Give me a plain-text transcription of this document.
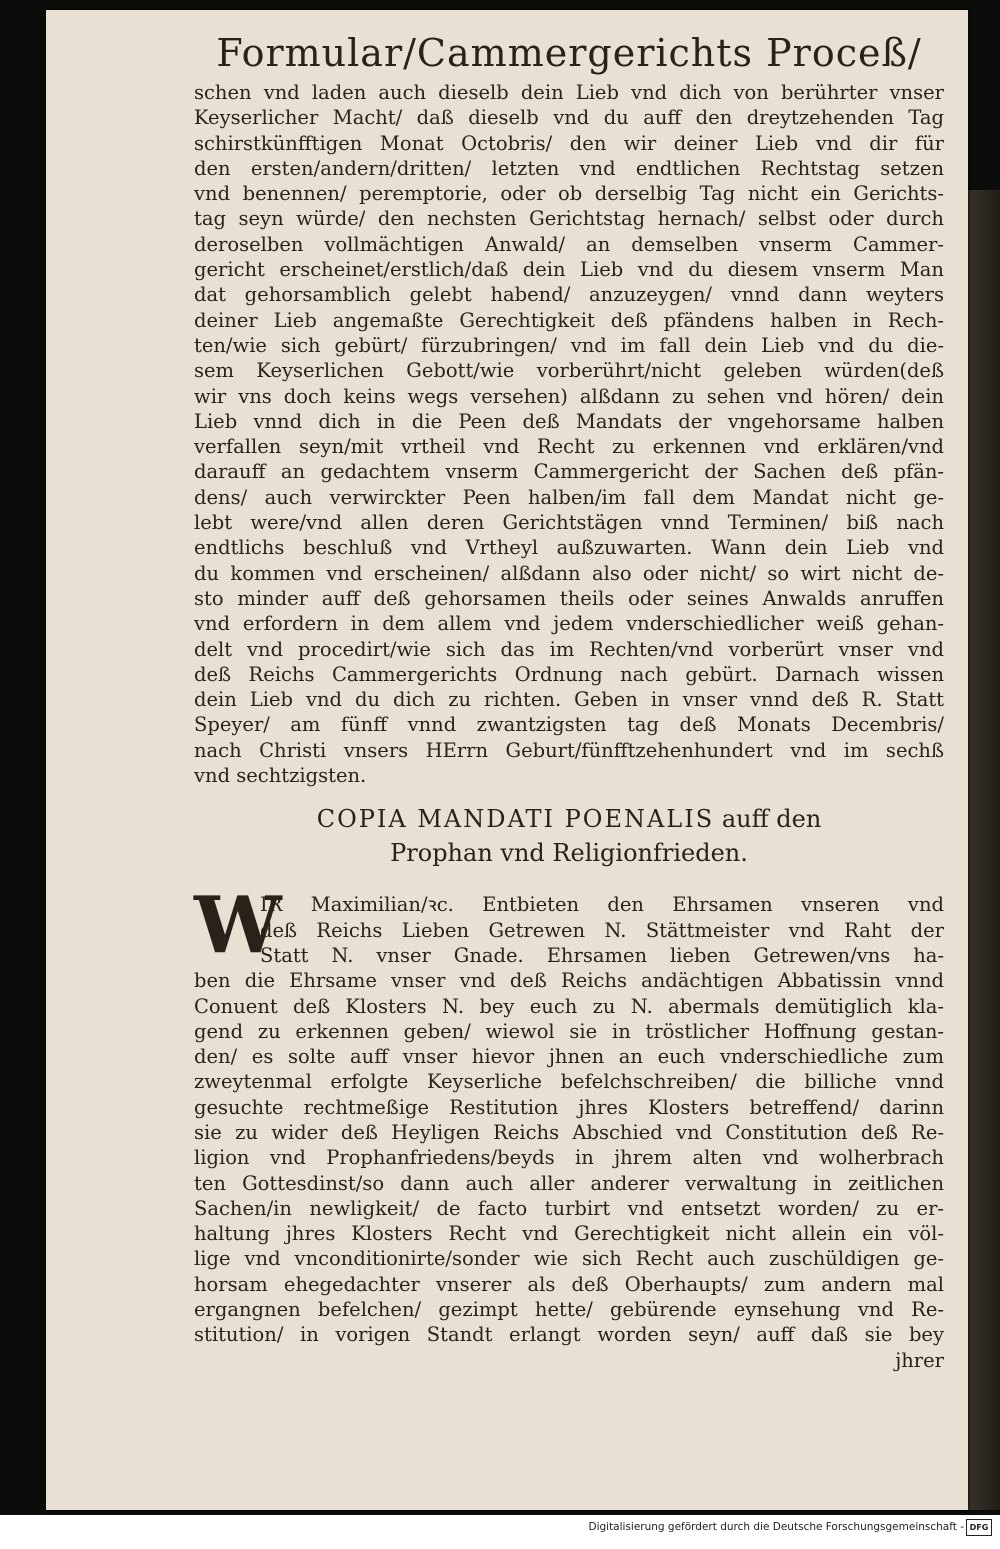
Formular/Cammergerichts Proceß/
schen vnd laden auch dieselb dein Lieb vnd dich von berührter vnser
Keyserlicher Macht/ daß dieselb vnd du auff den dreytzehenden Tag
schirstkünfftigen Monat Octobris/ den wir deiner Lieb vnd dir für
den ersten/andern/dritten/ letzten vnd endtlichen Rechtstag setzen
vnd benennen/ peremptorie, oder ob derselbig Tag nicht ein Gerichts-
tag seyn würde/ den nechsten Gerichtstag hernach/ selbst oder durch
deroselben vollmächtigen Anwald/ an demselben vnserm Cammer-
gericht erscheinet/erstlich/daß dein Lieb vnd du diesem vnserm Man
dat gehorsamblich gelebt habend/ anzuzeygen/ vnnd dann weyters
deiner Lieb angemaßte Gerechtigkeit deß pfändens halben in Rech-
ten/wie sich gebürt/ fürzubringen/ vnd im fall dein Lieb vnd du die-
sem Keyserlichen Gebott/wie vorberührt/nicht geleben würden(deß
wir vns doch keins wegs versehen) alßdann zu sehen vnd hören/ dein
Lieb vnnd dich in die Peen deß Mandats der vngehorsame halben
verfallen seyn/mit vrtheil vnd Recht zu erkennen vnd erklären/vnd
darauff an gedachtem vnserm Cammergericht der Sachen deß pfän-
dens/ auch verwirckter Peen halben/im fall dem Mandat nicht ge-
lebt were/vnd allen deren Gerichtstägen vnnd Terminen/ biß nach
endtlichs beschluß vnd Vrtheyl außzuwarten. Wann dein Lieb vnd
du kommen vnd erscheinen/ alßdann also oder nicht/ so wirt nicht de-
sto minder auff deß gehorsamen theils oder seines Anwalds anruffen
vnd erfordern in dem allem vnd jedem vnderschiedlicher weiß gehan-
delt vnd procedirt/wie sich das im Rechten/vnd vorberürt vnser vnd
deß Reichs Cammergerichts Ordnung nach gebürt. Darnach wissen
dein Lieb vnd du dich zu richten. Geben in vnser vnnd deß R. Statt
Speyer/ am fünff vnnd zwantzigsten tag deß Monats Decembris/
nach Christi vnsers HErrn Geburt/fünfftzehenhundert vnd im sechß
vnd sechtzigsten.
COPIA MANDATI POENALIS auff den
Prophan vnd Religionfrieden.
W
IR Maximilian/ꝛc. Entbieten den Ehrsamen vnseren vnd
deß Reichs Lieben Getrewen N. Stättmeister vnd Raht der
Statt N. vnser Gnade. Ehrsamen lieben Getrewen/vns ha-
ben die Ehrsame vnser vnd deß Reichs andächtigen Abbatissin vnnd
Conuent deß Klosters N. bey euch zu N. abermals demütiglich kla-
gend zu erkennen geben/ wiewol sie in tröstlicher Hoffnung gestan-
den/ es solte auff vnser hievor jhnen an euch vnderschiedliche zum
zweytenmal erfolgte Keyserliche befelchschreiben/ die billiche vnnd
gesuchte rechtmeßige Restitution jhres Klosters betreffend/ darinn
sie zu wider deß Heyligen Reichs Abschied vnd Constitution deß Re-
ligion vnd Prophanfriedens/beyds in jhrem alten vnd wolherbrach
ten Gottesdinst/so dann auch aller anderer verwaltung in zeitlichen
Sachen/in newligkeit/ de facto turbirt vnd entsetzt worden/ zu er-
haltung jhres Klosters Recht vnd Gerechtigkeit nicht allein ein völ-
lige vnd vnconditionirte/sonder wie sich Recht auch zuschüldigen ge-
horsam ehegedachter vnserer als deß Oberhaupts/ zum andern mal
ergangnen befelchen/ gezimpt hette/ gebürende eynsehung vnd Re-
stitution/ in vorigen Standt erlangt worden seyn/ auff daß sie bey
jhrer
Digitalisierung gefördert durch die Deutsche Forschungsgemeinschaft - DFG
